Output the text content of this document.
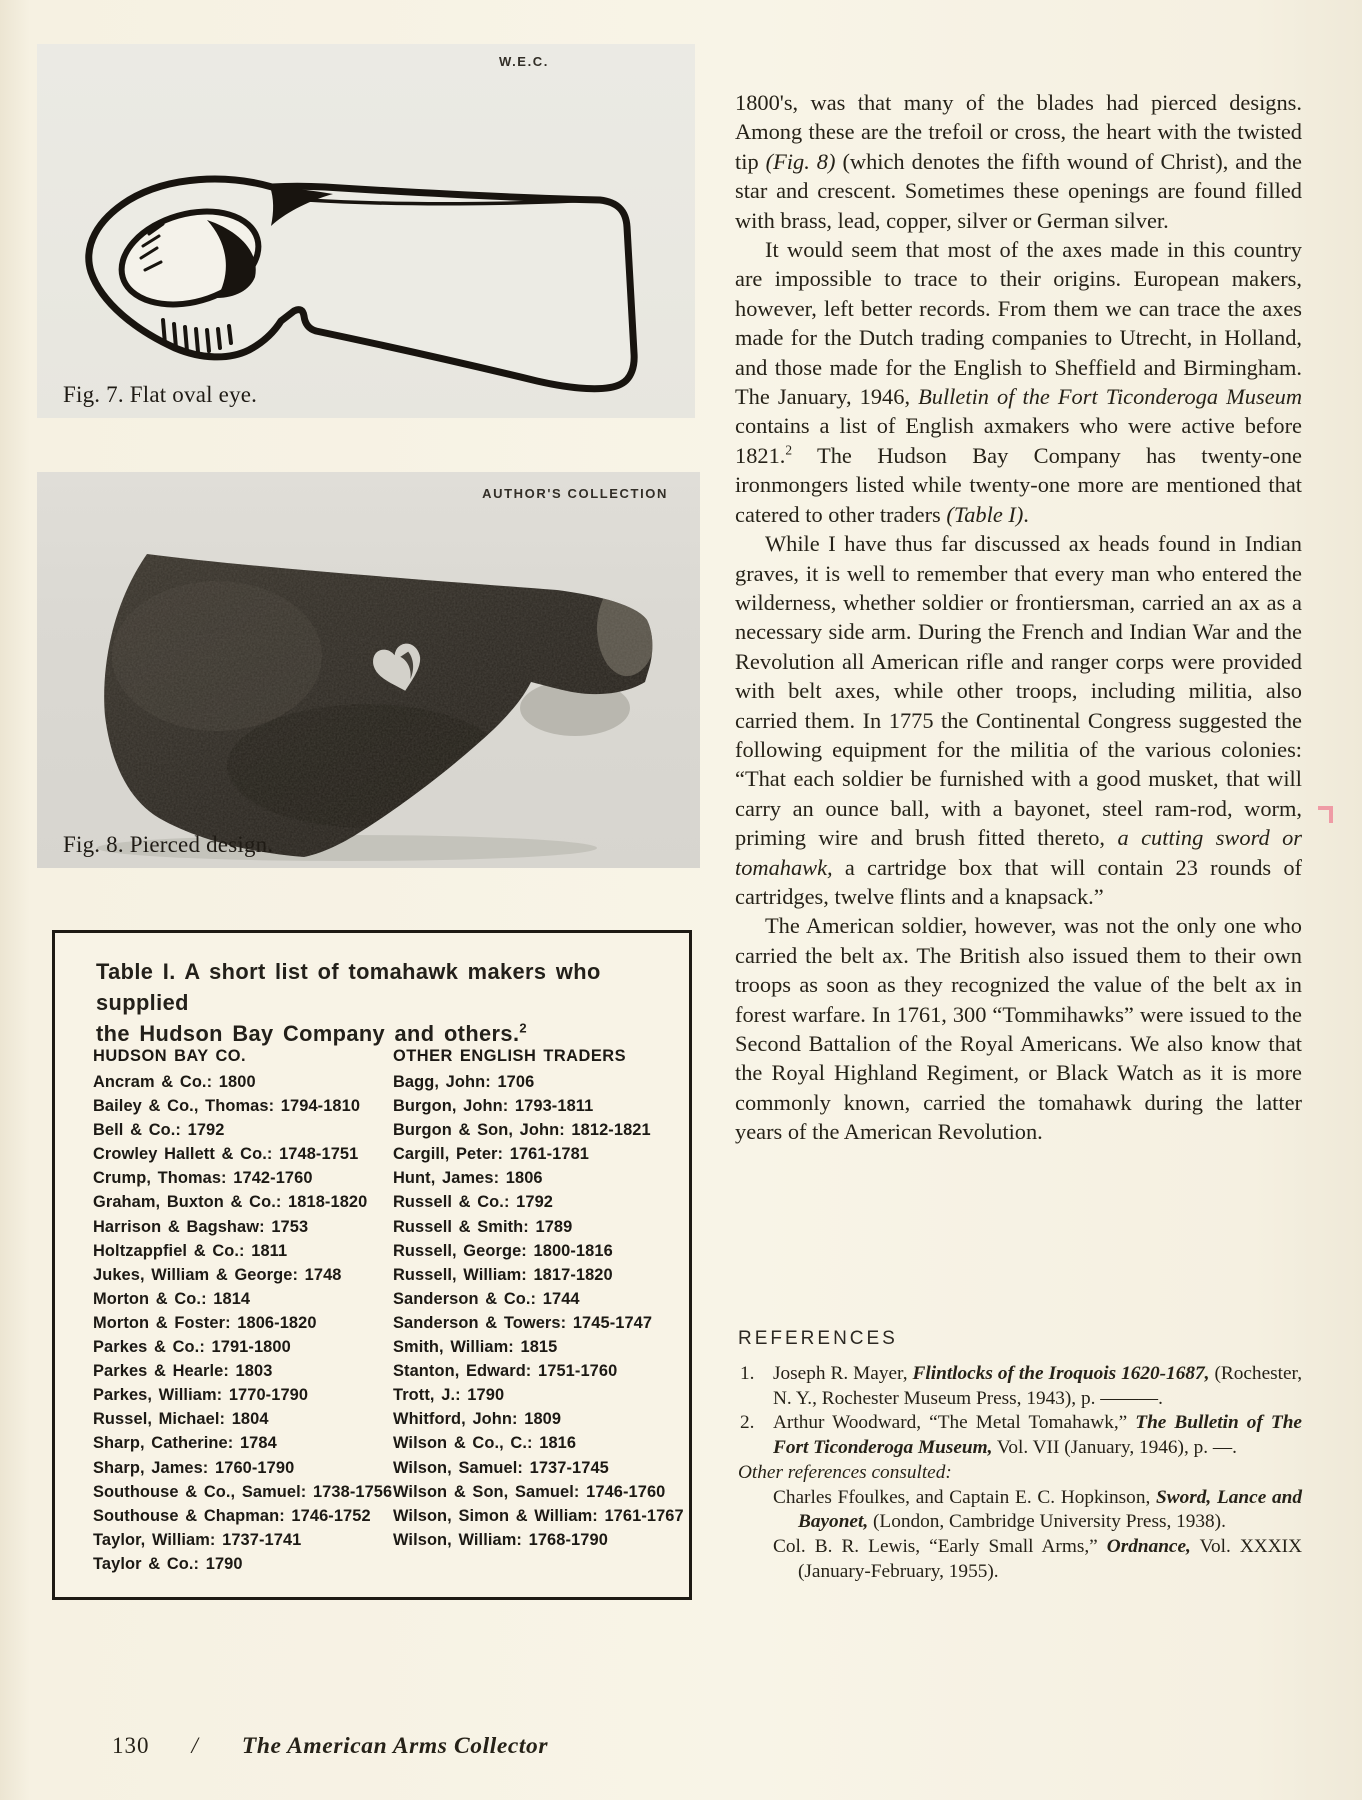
W.E.C.
Fig. 7. Flat oval eye.
AUTHOR'S COLLECTION
Fig. 8. Pierced design.
Table I. A short list of tomahawk makers who supplied
the Hudson Bay Company and others.$^2$
HUDSON BAY CO.
Ancram & Co.: 1800
Bailey & Co., Thomas: 1794-1810
Bell & Co.: 1792
Crowley Hallett & Co.: 1748-1751
Crump, Thomas: 1742-1760
Graham, Buxton & Co.: 1818-1820
Harrison & Bagshaw: 1753
Holtzappfiel & Co.: 1811
Jukes, William & George: 1748
Morton & Co.: 1814
Morton & Foster: 1806-1820
Parkes & Co.: 1791-1800
Parkes & Hearle: 1803
Parkes, William: 1770-1790
Russel, Michael: 1804
Sharp, Catherine: 1784
Sharp, James: 1760-1790
Southouse & Co., Samuel: 1738-1756
Southouse & Chapman: 1746-1752
Taylor, William: 1737-1741
Taylor & Co.: 1790
OTHER ENGLISH TRADERS
Bagg, John: 1706
Burgon, John: 1793-1811
Burgon & Son, John: 1812-1821
Cargill, Peter: 1761-1781
Hunt, James: 1806
Russell & Co.: 1792
Russell & Smith: 1789
Russell, George: 1800-1816
Russell, William: 1817-1820
Sanderson & Co.: 1744
Sanderson & Towers: 1745-1747
Smith, William: 1815
Stanton, Edward: 1751-1760
Trott, J.: 1790
Whitford, John: 1809
Wilson & Co., C.: 1816
Wilson, Samuel: 1737-1745
Wilson & Son, Samuel: 1746-1760
Wilson, Simon & William: 1761-1767
Wilson, William: 1768-1790

1800's, was that many of the blades had pierced designs. Among these are the trefoil or cross, the heart with the twisted tip (Fig. 8) (which denotes the fifth wound of Christ), and the star and crescent. Sometimes these openings are found filled with brass, lead, copper, silver or German silver.

It would seem that most of the axes made in this country are impossible to trace to their origins. European makers, however, left better records. From them we can trace the axes made for the Dutch trading companies to Utrecht, in Holland, and those made for the English to Sheffield and Birmingham. The January, 1946, Bulletin of the Fort Ticonderoga Museum contains a list of English axmakers who were active before 1821.$^2$ The Hudson Bay Company has twenty-one ironmongers listed while twenty-one more are mentioned that catered to other traders (Table I).

While I have thus far discussed ax heads found in Indian graves, it is well to remember that every man who entered the wilderness, whether soldier or frontiersman, carried an ax as a necessary side arm. During the French and Indian War and the Revolution all American rifle and ranger corps were provided with belt axes, while other troops, including militia, also carried them. In 1775 the Continental Congress suggested the following equipment for the militia of the various colonies: “That each soldier be furnished with a good musket, that will carry an ounce ball, with a bayonet, steel ram-rod, worm, priming wire and brush fitted thereto, a cutting sword or tomahawk, a cartridge box that will contain 23 rounds of cartridges, twelve flints and a knapsack.”

The American soldier, however, was not the only one who carried the belt ax. The British also issued them to their own troops as soon as they recognized the value of the belt ax in forest warfare. In 1761, 300 “Tommihawks” were issued to the Second Battalion of the Royal Americans. We also know that the Royal Highland Regiment, or Black Watch as it is more commonly known, carried the tomahawk during the latter years of the American Revolution.

REFERENCES
1. Joseph R. Mayer, Flintlocks of the Iroquois 1620-1687, (Rochester, N. Y., Rochester Museum Press, 1943), p. ———.
2. Arthur Woodward, “The Metal Tomahawk,” The Bulletin of The Fort Ticonderoga Museum, Vol. VII (January, 1946), p. —.
Other references consulted:
Charles Ffoulkes, and Captain E. C. Hopkinson, Sword, Lance and Bayonet, (London, Cambridge University Press, 1938).
Col. B. R. Lewis, “Early Small Arms,” Ordnance, Vol. XXXIX (January-February, 1955).
130 / The American Arms Collector
